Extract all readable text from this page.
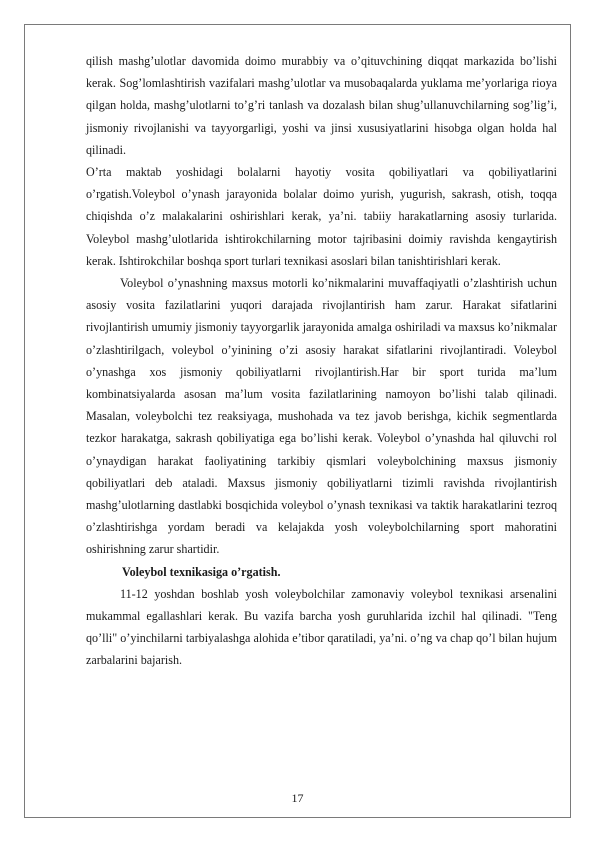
qilish mashg’ulotlar davomida doimo murabbiy va o’qituvchining diqqat markazida bo’lishi kerak. Sog’lomlashtirish vazifalari mashg’ulotlar va musobaqalarda yuklama me’yorlariga rioya qilgan holda, mashg’ulotlarni to’g’ri tanlash va dozalash bilan shug’ullanuvchilarning sog’lig’i, jismoniy rivojlanishi va tayyorgarligi, yoshi va jinsi xususiyatlarini hisobga olgan holda hal qilinadi.

O’rta maktab yoshidagi bolalarni hayotiy vosita qobiliyatlari va qobiliyatlarini o’rgatish.Voleybol o’ynash jarayonida bolalar doimo yurish, yugurish, sakrash, otish, toqqa chiqishda o’z malakalarini oshirishlari kerak, ya’ni. tabiiy harakatlarning asosiy turlarida. Voleybol mashg’ulotlarida ishtirokchilarning motor tajribasini doimiy ravishda kengaytirish kerak. Ishtirokchilar boshqa sport turlari texnikasi asoslari bilan tanishtirishlari kerak.

Voleybol o’ynashning maxsus motorli ko’nikmalarini muvaffaqiyatli o’zlashtirish uchun asosiy vosita fazilatlarini yuqori darajada rivojlantirish ham zarur. Harakat sifatlarini rivojlantirish umumiy jismoniy tayyorgarlik jarayonida amalga oshiriladi va maxsus ko’nikmalar o’zlashtirilgach, voleybol o’yinining o’zi asosiy harakat sifatlarini rivojlantiradi. Voleybol o’ynashga xos jismoniy qobiliyatlarni rivojlantirish.Har bir sport turida ma’lum kombinatsiyalarda asosan ma’lum vosita fazilatlarining namoyon bo’lishi talab qilinadi. Masalan, voleybolchi tez reaksiyaga, mushohada va tez javob berishga, kichik segmentlarda tezkor harakatga, sakrash qobiliyatiga ega bo’lishi kerak. Voleybol o’ynashda hal qiluvchi rol o’ynaydigan harakat faoliyatining tarkibiy qismlari voleybolchining maxsus jismoniy qobiliyatlari deb ataladi. Maxsus jismoniy qobiliyatlarni tizimli ravishda rivojlantirish mashg’ulotlarning dastlabki bosqichida voleybol o’ynash texnikasi va taktik harakatlarini tezroq o’zlashtirishga yordam beradi va kelajakda yosh voleybolchilarning sport mahoratini oshirishning zarur shartidir.

Voleybol texnikasiga o’rgatish.

11-12 yoshdan boshlab yosh voleybolchilar zamonaviy voleybol texnikasi arsenalini mukammal egallashlari kerak. Bu vazifa barcha yosh guruhlarida izchil hal qilinadi. "Teng qo’lli" o’yinchilarni tarbiyalashga alohida e’tibor qaratiladi, ya’ni. o’ng va chap qo’l bilan hujum zarbalarini bajarish.

17
